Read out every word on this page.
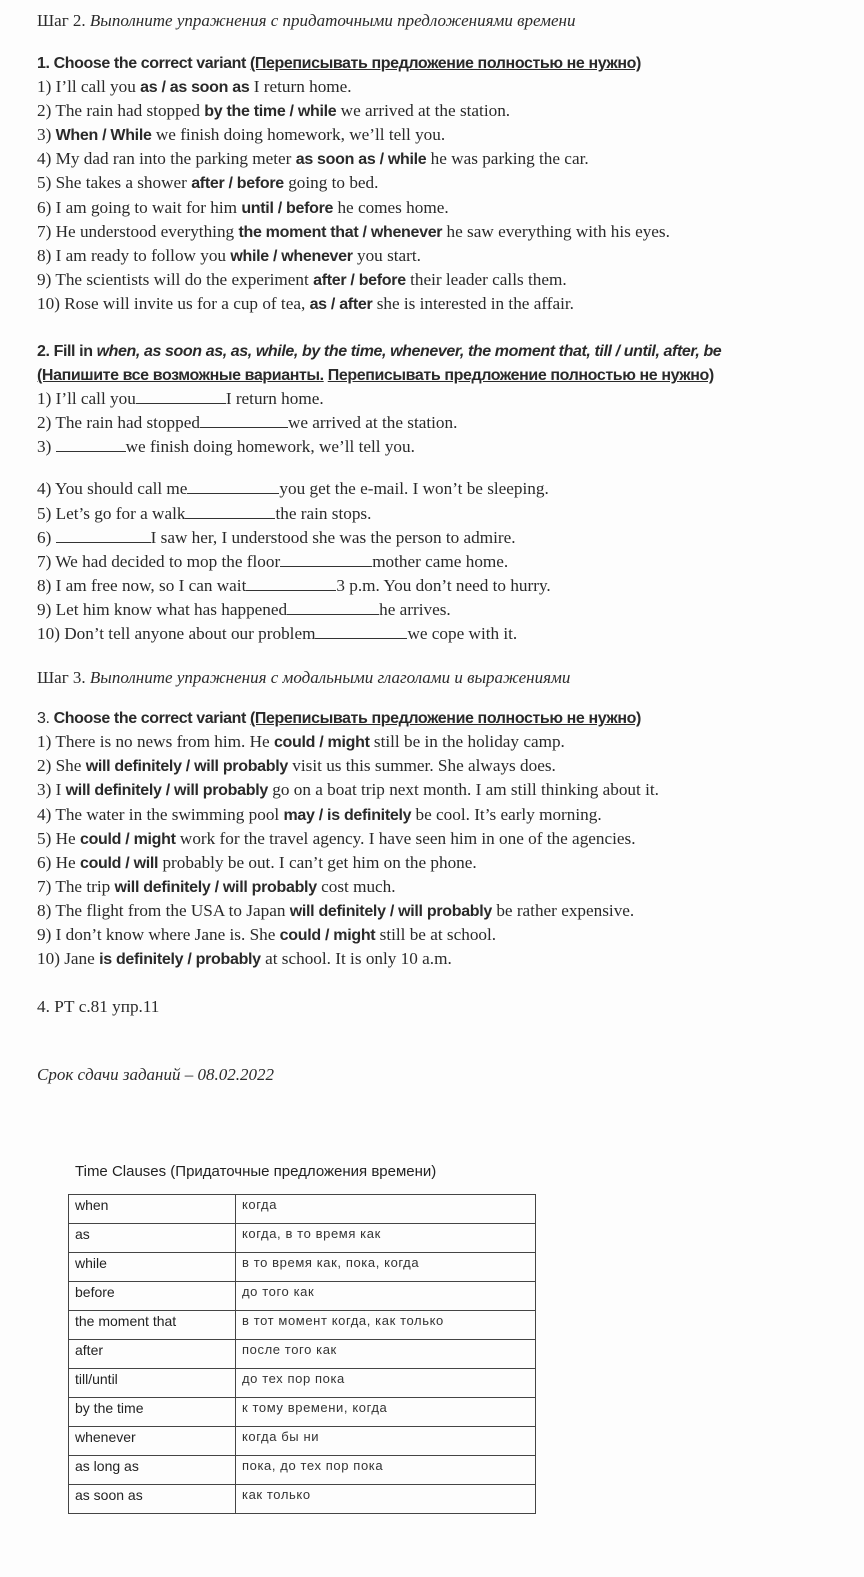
Шаг 2. Выполните упражнения с придаточными предложениями времени
1. Choose the correct variant (Переписывать предложение полностью не нужно)
1) I’ll call you as / as soon as I return home.
2) The rain had stopped by the time / while we arrived at the station.
3) When / While we finish doing homework, we’ll tell you.
4) My dad ran into the parking meter as soon as / while he was parking the car.
5) She takes a shower after / before going to bed.
6) I am going to wait for him until / before he comes home.
7) He understood everything the moment that / whenever he saw everything with his eyes.
8) I am ready to follow you while / whenever you start.
9) The scientists will do the experiment after / before their leader calls them.
10) Rose will invite us for a cup of tea, as / after she is interested in the affair.
2. Fill in when, as soon as, as, while, by the time, whenever, the moment that, till / until, after, be
(Напишите все возможные варианты. Переписывать предложение полностью не нужно)
1) I’ll call you	I return home.
2) The rain had stopped	we arrived at the station.
3)	we finish doing homework, we’ll tell you.
4) You should call me	you get the e-mail. I won’t be sleeping.
5) Let’s go for a walk	the rain stops.
6)	I saw her, I understood she was the person to admire.
7) We had decided to mop the floor	mother came home.
8) I am free now, so I can wait	3 p.m. You don’t need to hurry.
9) Let him know what has happened	he arrives.
10) Don’t tell anyone about our problem	we cope with it.
Шаг 3. Выполните упражнения с модальными глаголами и выражениями
3. Choose the correct variant (Переписывать предложение полностью не нужно)
1) There is no news from him. He could / might still be in the holiday camp.
2) She will definitely / will probably visit us this summer. She always does.
3) I will definitely / will probably go on a boat trip next month. I am still thinking about it.
4) The water in the swimming pool may / is definitely be cool. It’s early morning.
5) He could / might work for the travel agency. I have seen him in one of the agencies.
6) He could / will probably be out. I can’t get him on the phone.
7) The trip will definitely / will probably cost much.
8) The flight from the USA to Japan will definitely / will probably be rather expensive.
9) I don’t know where Jane is. She could / might still be at school.
10) Jane is definitely / probably at school. It is only 10 a.m.
4. РТ с.81 упр.11
Срок сдачи заданий – 08.02.2022
Time Clauses (Придаточные предложения времени)
when	когда
as	когда, в то время как
while	в то время как, пока, когда
before	до того как
the moment that	в тот момент когда, как только
after	после того как
till/until	до тех пор пока
by the time	к тому времени, когда
whenever	когда бы ни
as long as	пока, до тех пор пока
as soon as	как только
